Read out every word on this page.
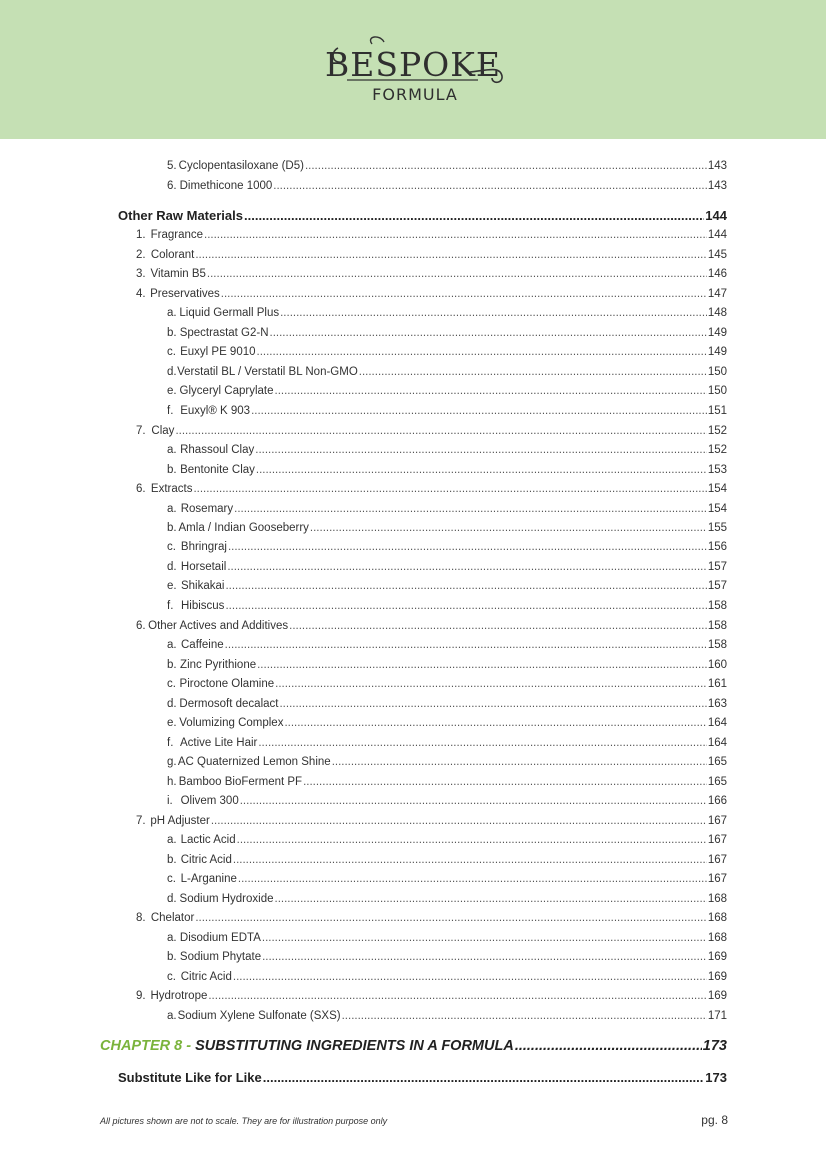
BESPOKE
FORMULA
5. Cyclopentasiloxane (D5) .....	143
6. Dimethicone 1000 .....	143
Other Raw Materials .....	144
1. Fragrance .....	144
2. Colorant .....	145
3. Vitamin B5 .....	146
4. Preservatives .....	147
a. Liquid Germall Plus .....	148
b. Spectrastat G2-N .....	149
c. Euxyl PE 9010 .....	149
d. Verstatil BL / Verstatil BL Non-GMO .....	150
e. Glyceryl Caprylate .....	150
f. Euxyl® K 903 .....	151
7. Clay .....	152
a. Rhassoul Clay .....	152
b. Bentonite Clay .....	153
6. Extracts .....	154
a. Rosemary .....	154
b. Amla / Indian Gooseberry .....	155
c. Bhringraj .....	156
d. Horsetail .....	157
e. Shikakai .....	157
f. Hibiscus .....	158
6. Other Actives and Additives .....	158
a. Caffeine .....	158
b. Zinc Pyrithione .....	160
c. Piroctone Olamine .....	161
d. Dermosoft decalact .....	163
e. Volumizing Complex .....	164
f. Active Lite Hair .....	164
g. AC Quaternized Lemon Shine .....	165
h. Bamboo BioFerment PF .....	165
i. Olivem 300 .....	166
7. pH Adjuster .....	167
a. Lactic Acid .....	167
b. Citric Acid .....	167
c. L-Arganine .....	167
d. Sodium Hydroxide .....	168
8. Chelator .....	168
a. Disodium EDTA .....	168
b. Sodium Phytate .....	169
c. Citric Acid .....	169
9. Hydrotrope .....	169
a. Sodium Xylene Sulfonate (SXS) .....	171
CHAPTER 8 -
SUBSTITUTING INGREDIENTS IN A FORMULA .....	173
Substitute Like for Like .....	173
All pictures shown are not to scale. They are for illustration purpose only	pg. 8
